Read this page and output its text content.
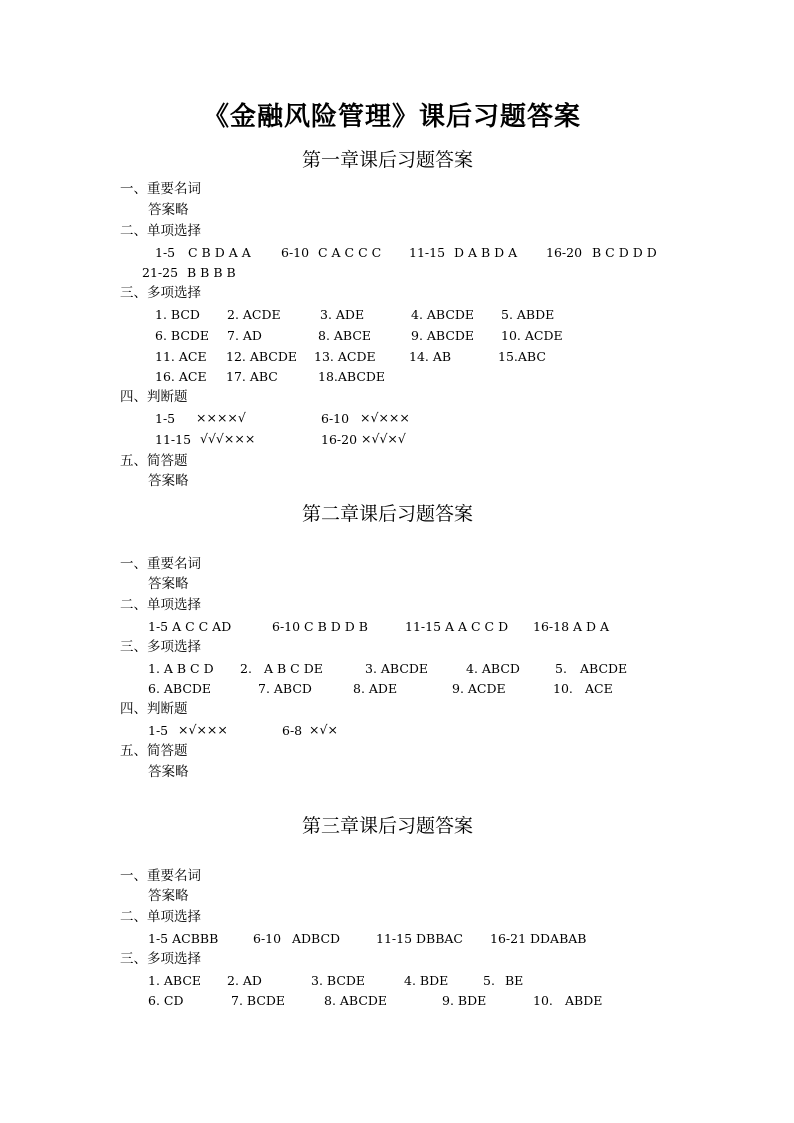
《金融风险管理》课后习题答案
第一章课后习题答案
一、重要名词
答案略
二、单项选择
1-5 C B D A A 6-10 C A C C C 11-15 D A B D A 16-20 B C D D D
21-25 B B B B
三、多项选择
1. BCD 2. ACDE	3. ADE	4. ABCDE 5. ABDE
6. BCDE 7. AD	8. ABCE	9. ABCDE 10. ACDE
11. ACE 12. ABCDE 13. ACDE	14. AB	15.ABC
16. ACE 17. ABC	18.ABCDE
四、判断题
1-5 ××××√	6-10 ×√×××
11-15 √√√×××	16-20 ×√√×√
五、简答题
答案略
第二章课后习题答案
一、重要名词
答案略
二、单项选择
1-5 A C C AD	6-10 C B D D B	11-15 A A C C D 16-18 A D A
三、多项选择
1. A B C D 2. A B C DE	3. ABCDE	4. ABCD	5. ABCDE
6. ABCDE	7. ABCD	8. ADE	9. ACDE	10. ACE
四、判断题
1-5 ×√×××	6-8 ×√×
五、简答题
答案略
第三章课后习题答案
一、重要名词
答案略
二、单项选择
1-5 ACBBB	6-10 ADBCD	11-15 DBBAC 16-21 DDABAB
三、多项选择
1. ABCE 2. AD	3. BCDE	4. BDE	5. BE
6. CD	7. BCDE	8. ABCDE	9. BDE	10. ABDE
